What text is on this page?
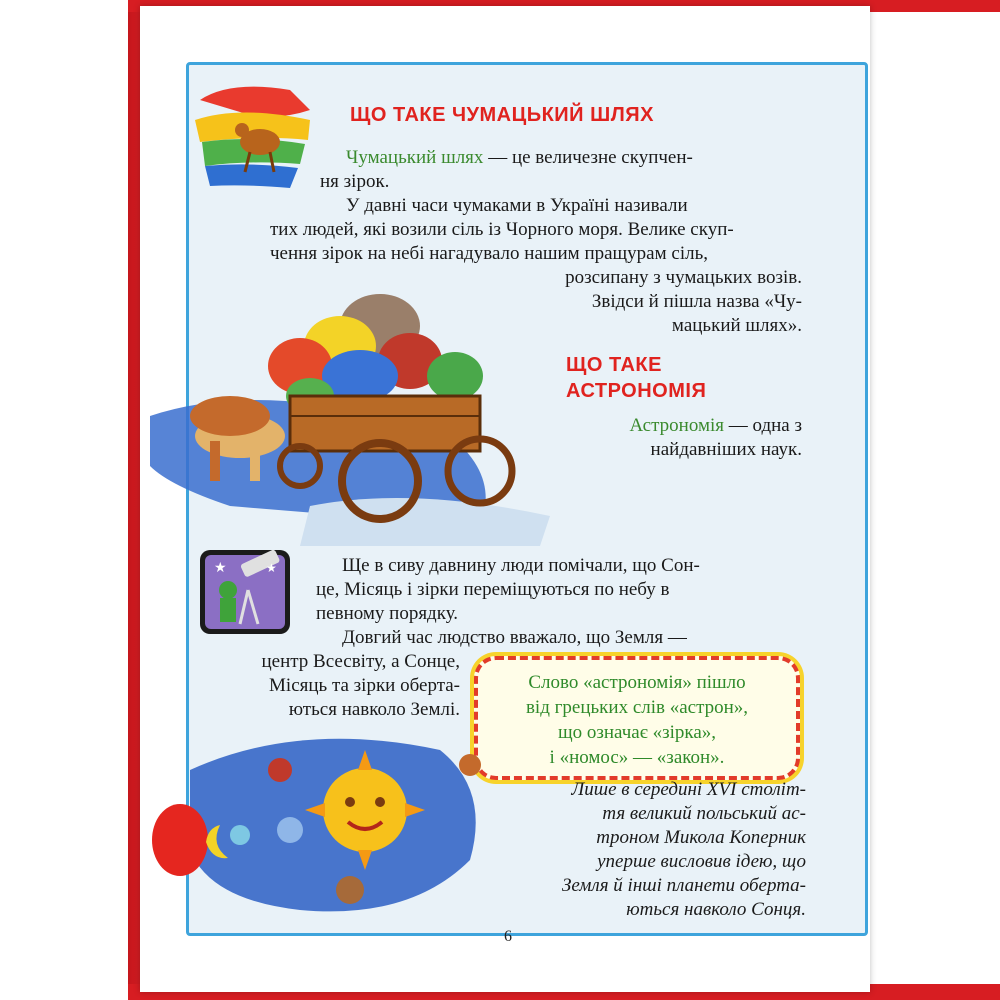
ЩО ТАКЕ ЧУМАЦЬКИЙ ШЛЯХ

Чумацький шлях — це величезне скупчен-

ня зірок.

У давні часи чумаками в Україні називали

тих людей, які возили сіль із Чорного моря. Велике скуп-

чення зірок на небі нагадувало нашим пращурам сіль,

розсипану з чумацьких возів.

Звідси й пішла назва «Чу-

мацький шлях».

ЩО ТАКЕ
АСТРОНОМІЯ

Астрономія — одна з

найдавніших наук.

★	★	Ще в сиву давнину люди помічали, що Сон-

це, Місяць і зірки переміщуються по небу в

певному порядку.

Довгий час людство вважало, що Земля —

центр Всесвіту, а Сонце,

Місяць та зірки оберта-

ються навколо Землі.

Слово «астрономія» пішло

від грецьких слів «астрон»,

що означає «зірка»,

і «номос» — «закон».

Лише в середині XVI століт-

тя великий польський ас-

троном Микола Коперник

уперше висловив ідею, що

Земля й інші планети оберта-

ються навколо Сонця.

6
